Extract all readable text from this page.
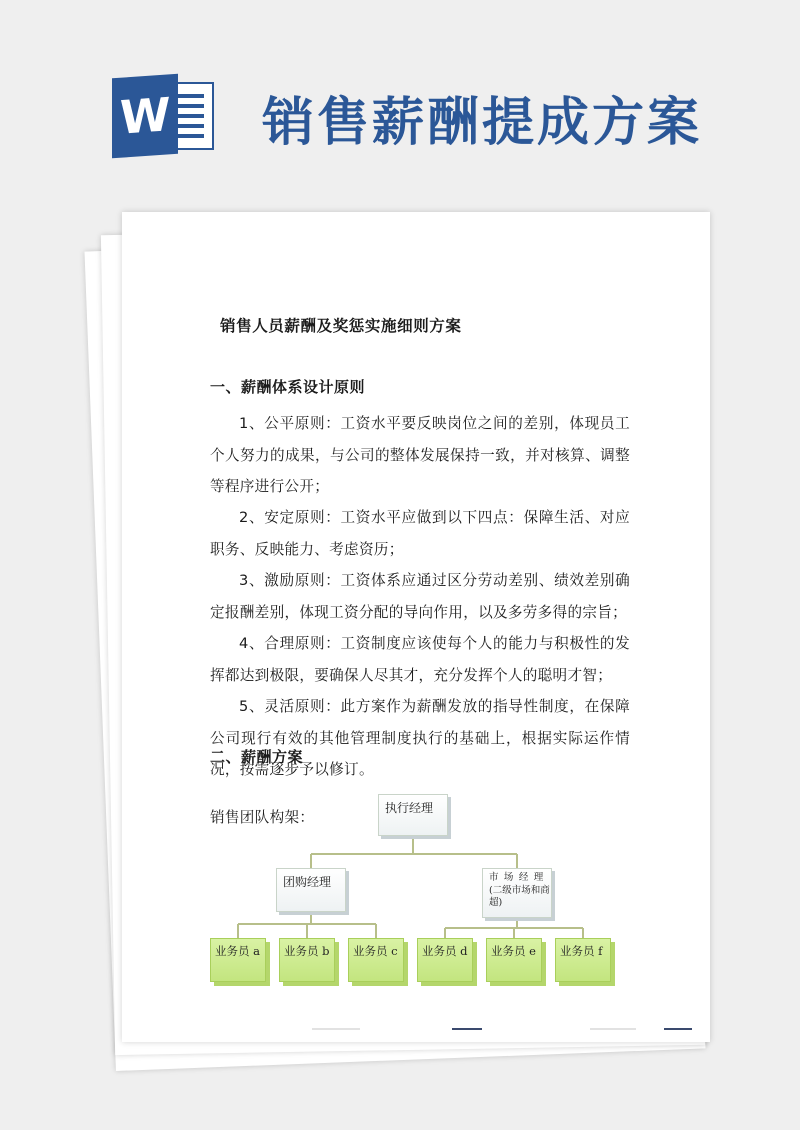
W 销售薪酬提成方案
销售人员薪酬及奖惩实施细则方案
一、薪酬体系设计原则

1、公平原则：工资水平要反映岗位之间的差别，体现员工个人努力的成果，与公司的整体发展保持一致，并对核算、调整等程序进行公开；

2、安定原则：工资水平应做到以下四点：保障生活、对应职务、反映能力、考虑资历；

3、激励原则：工资体系应通过区分劳动差别、绩效差别确定报酬差别，体现工资分配的导向作用，以及多劳多得的宗旨；

4、合理原则：工资制度应该使每个人的能力与积极性的发挥都达到极限，要确保人尽其才，充分发挥个人的聪明才智；

5、灵活原则：此方案作为薪酬发放的指导性制度，在保障公司现行有效的其他管理制度执行的基础上，根据实际运作情况，按需逐步予以修订。

二、薪酬方案
销售团队构架：
执行经理
团购经理	市 场 经 理
(二级市场和商超)
业务员 a	业务员 b	业务员 c	业务员 d	业务员 e	业务员 f
